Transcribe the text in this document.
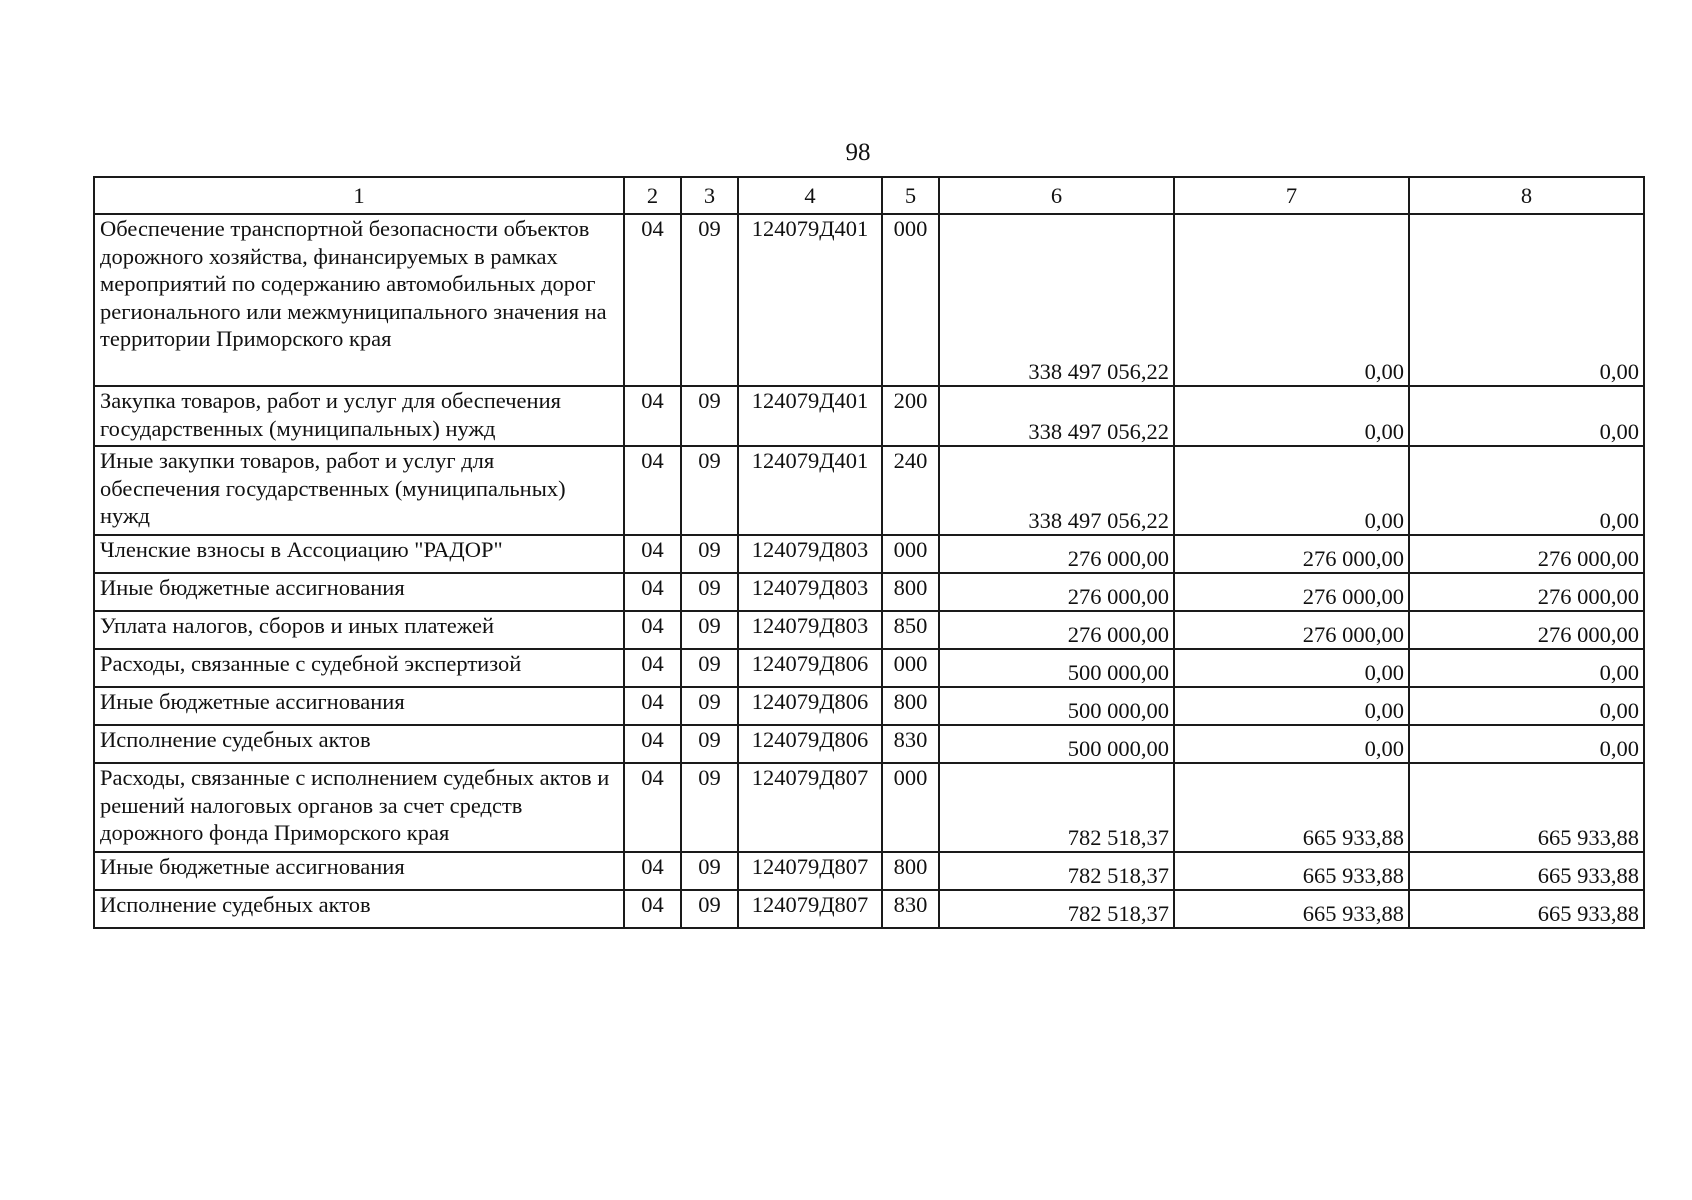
98
1	2	3	4	5	6	7	8
Обеспечение транспортной безопасности объектов дорожного хозяйства, финансируемых в рамках мероприятий по содержанию автомобильных дорог регионального или межмуниципального значения на территории Приморского края	04	09	124079Д401	000	338 497 056,22	0,00	0,00
Закупка товаров, работ и услуг для обеспечения государственных (муниципальных) нужд	04	09	124079Д401	200	338 497 056,22	0,00	0,00
Иные закупки товаров, работ и услуг для обеспечения государственных (муниципальных) нужд	04	09	124079Д401	240	338 497 056,22	0,00	0,00
Членские взносы в Ассоциацию "РАДОР"	04	09	124079Д803	000	276 000,00	276 000,00	276 000,00
Иные бюджетные ассигнования	04	09	124079Д803	800	276 000,00	276 000,00	276 000,00
Уплата налогов, сборов и иных платежей	04	09	124079Д803	850	276 000,00	276 000,00	276 000,00
Расходы, связанные с судебной экспертизой	04	09	124079Д806	000	500 000,00	0,00	0,00
Иные бюджетные ассигнования	04	09	124079Д806	800	500 000,00	0,00	0,00
Исполнение судебных актов	04	09	124079Д806	830	500 000,00	0,00	0,00
Расходы, связанные с исполнением судебных актов и решений налоговых органов за счет средств дорожного фонда Приморского края	04	09	124079Д807	000	782 518,37	665 933,88	665 933,88
Иные бюджетные ассигнования	04	09	124079Д807	800	782 518,37	665 933,88	665 933,88
Исполнение судебных актов	04	09	124079Д807	830	782 518,37	665 933,88	665 933,88
